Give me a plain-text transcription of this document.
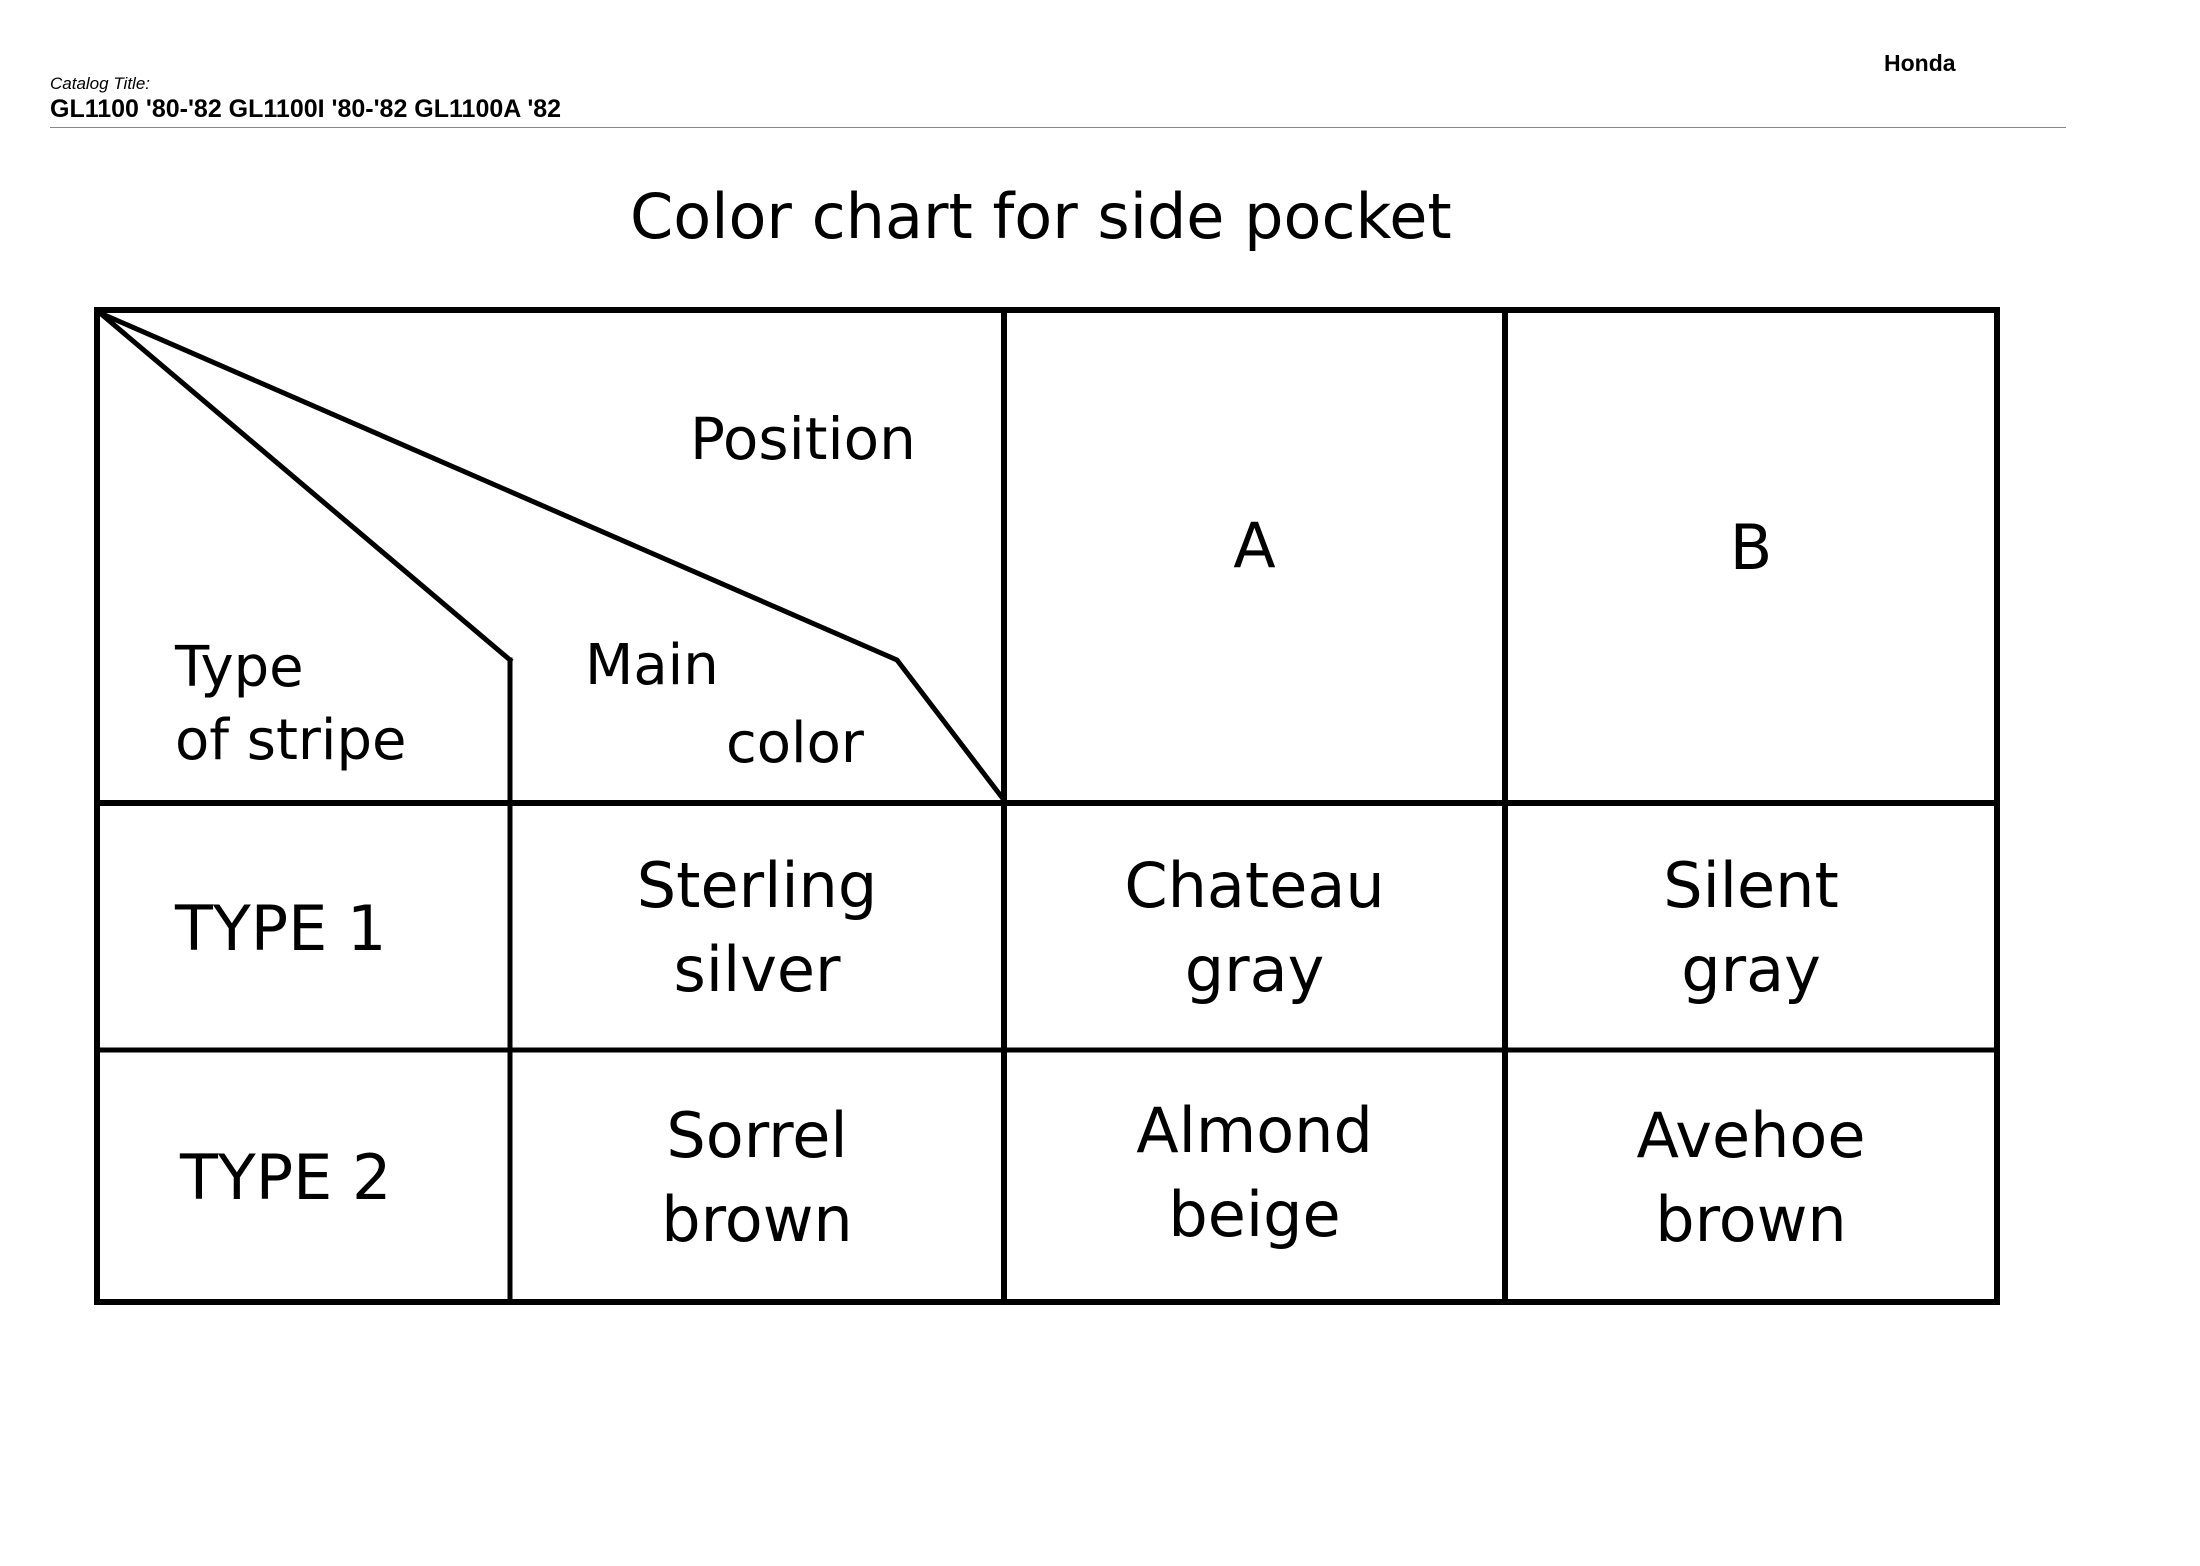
Honda
Catalog Title:
GL1100 '80-'82 GL1100I '80-'82 GL1100A '82
Color chart for side pocket
Position
Main
color
Type
of stripe
A	B
TYPE 1
Sterling
silver
Chateau
gray
Silent
gray
TYPE 2
Sorrel
brown
Almond
beige
Avehoe
brown
